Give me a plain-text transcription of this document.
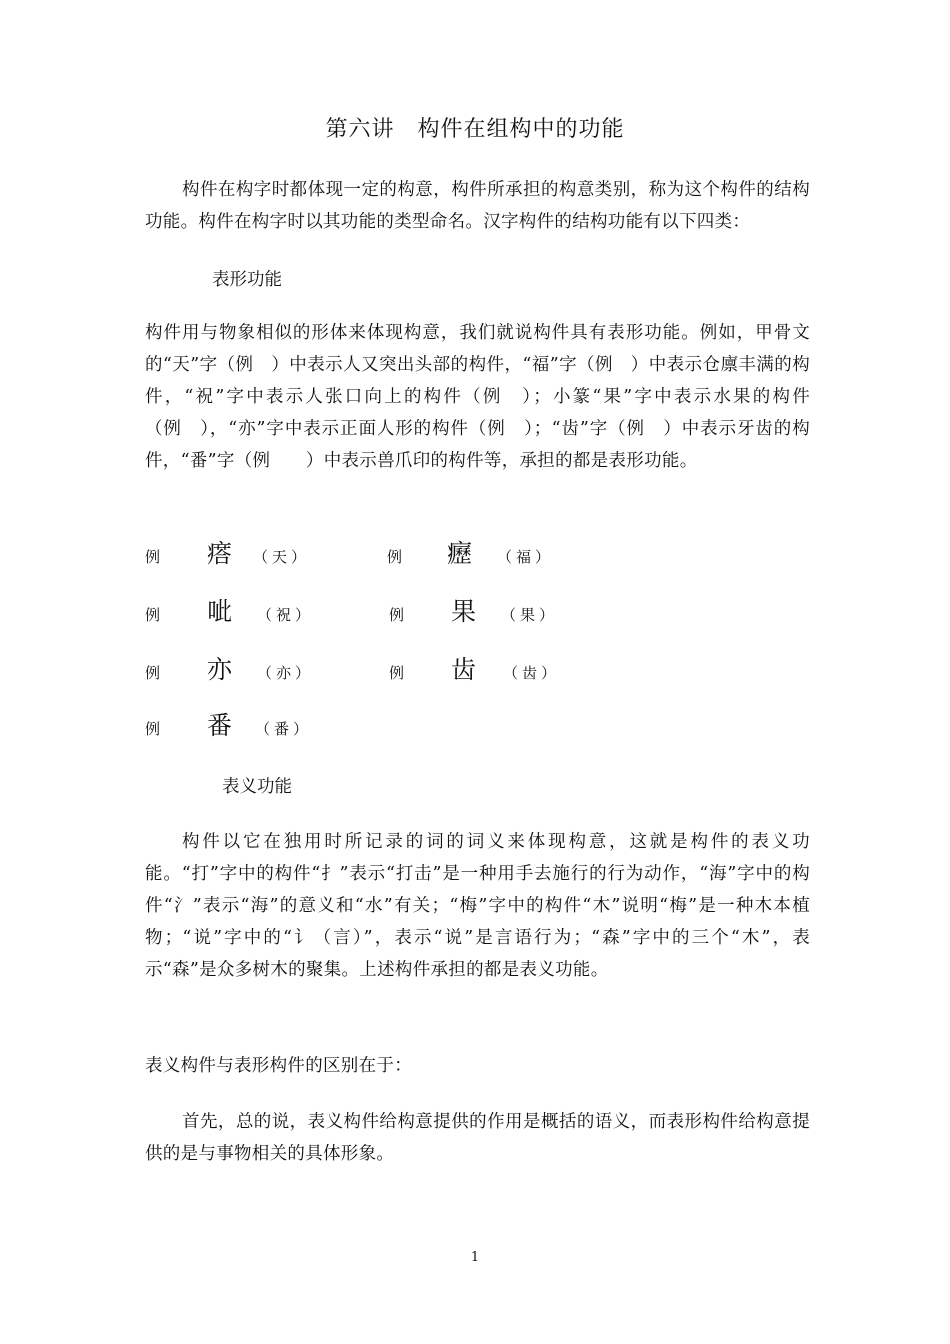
第六讲　构件在组构中的功能
构件在构字时都体现一定的构意，构件所承担的构意类别，称为这个构件的结构功能。构件在构字时以其功能的类型命名。汉字构件的结构功能有以下四类：
表形功能
构件用与物象相似的形体来体现构意，我们就说构件具有表形功能。例如，甲骨文的“天”字（例　）中表示人又突出头部的构件，“福”字（例　）中表示仓廪丰满的构件，“祝”字中表示人张口向上的构件（例　）；小篆“果”字中表示水果的构件（例　），“亦”字中表示正面人形的构件（例　）；“齿”字（例　）中表示牙齿的构件，“番”字（例　　）中表示兽爪印的构件等，承担的都是表形功能。
例 瘩 （天）	例 癧 （福）
例 呲 （祝）	例 果 （果）
例 亦 （亦）	例 齿 （齿）
例 番 （番）
表义功能
构件以它在独用时所记录的词的词义来体现构意，这就是构件的表义功能。“打”字中的构件“扌”表示“打击”是一种用手去施行的行为动作，“海”字中的构件“氵”表示“海”的意义和“水”有关；“梅”字中的构件“木”说明“梅”是一种木本植物；“说”字中的“讠（言）”，表示“说”是言语行为；“森”字中的三个“木”，表示“森”是众多树木的聚集。上述构件承担的都是表义功能。
表义构件与表形构件的区别在于：
首先，总的说，表义构件给构意提供的作用是概括的语义，而表形构件给构意提供的是与事物相关的具体形象。
1
